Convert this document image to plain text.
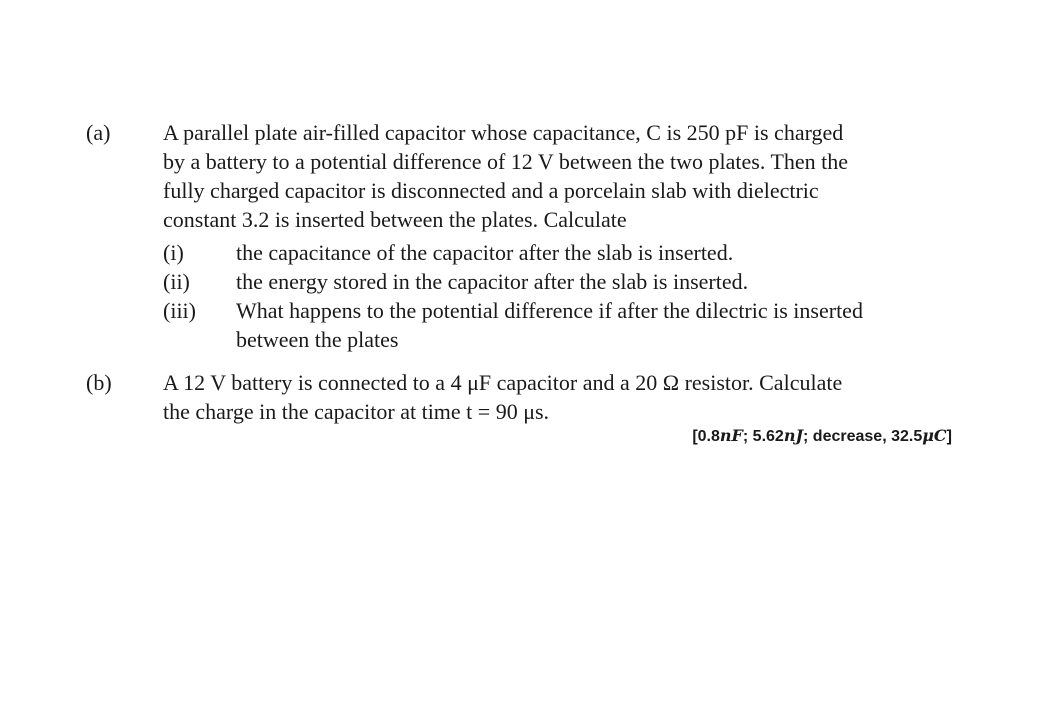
(a) A parallel plate air-filled capacitor whose capacitance, C is 250 pF is charged
by a battery to a potential difference of 12 V between the two plates. Then the
fully charged capacitor is disconnected and a porcelain slab with dielectric
constant 3.2 is inserted between the plates. Calculate
(i) the capacitance of the capacitor after the slab is inserted.
(ii) the energy stored in the capacitor after the slab is inserted.
(iii) What happens to the potential difference if after the dilectric is inserted
between the plates
(b) A 12 V battery is connected to a 4 μF capacitor and a 20 Ω resistor. Calculate
the charge in the capacitor at time t = 90 μs.
[0.8nF; 5.62nJ; decrease, 32.5μC]
